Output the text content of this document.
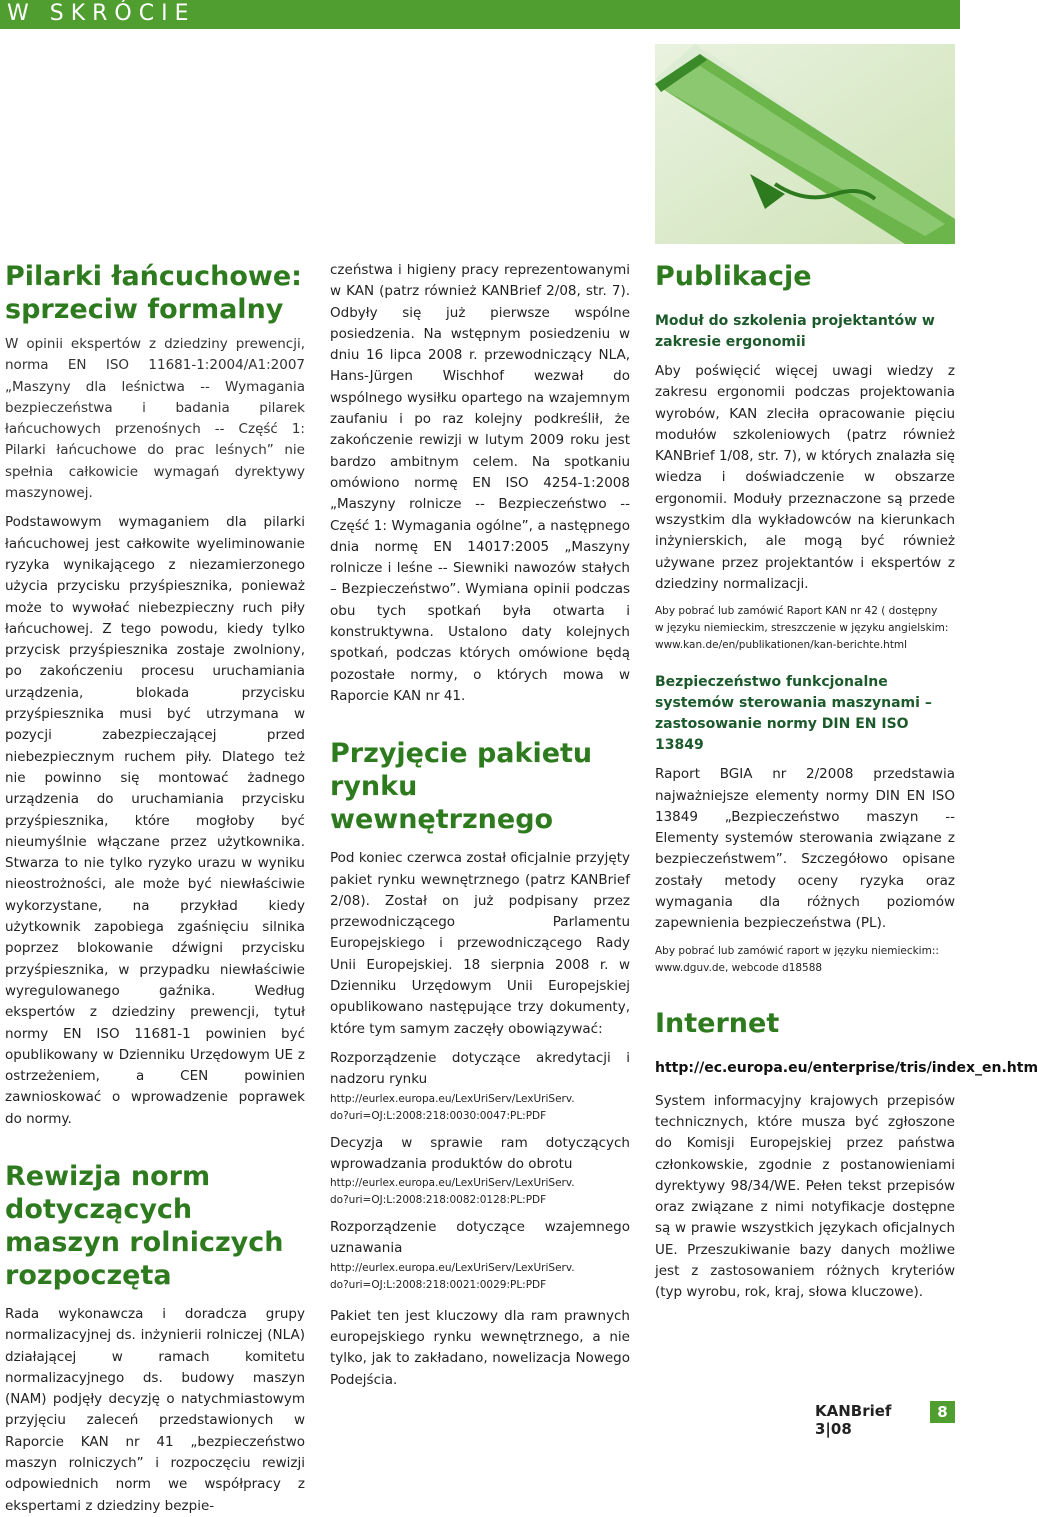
W SKRÓCIE
Pilarki łańcuchowe: sprzeciw formalny

W opinii ekspertów z dziedziny prewencji, norma EN ISO 11681-1:2004/A1:2007 „Maszyny dla leśnictwa -- Wymagania bezpieczeństwa i badania pilarek łańcuchowych przenośnych -- Część 1: Pilarki łańcuchowe do prac leśnych” nie spełnia całkowicie wymagań dyrektywy maszynowej.

Podstawowym wymaganiem dla pilarki łańcuchowej jest całkowite wyeliminowanie ryzyka wynikającego z niezamierzonego użycia przycisku przyśpiesznika, ponieważ może to wywołać niebezpieczny ruch piły łańcuchowej. Z tego powodu, kiedy tylko przycisk przyśpiesznika zostaje zwolniony, po zakończeniu procesu uruchamiania urządzenia, blokada przycisku przyśpiesznika musi być utrzymana w pozycji zabezpieczającej przed niebezpiecznym ruchem piły. Dlatego też nie powinno się montować żadnego urządzenia do uruchamiania przycisku przyśpiesznika, które mogłoby być nieumyślnie włączane przez użytkownika. Stwarza to nie tylko ryzyko urazu w wyniku nieostrożności, ale może być niewłaściwie wykorzystane, na przykład kiedy użytkownik zapobiega zgaśnięciu silnika poprzez blokowanie dźwigni przycisku przyśpiesznika, w przypadku niewłaściwie wyregulowanego gaźnika. Według ekspertów z dziedziny prewencji, tytuł normy EN ISO 11681-1 powinien być opublikowany w Dzienniku Urzędowym UE z ostrzeżeniem, a CEN powinien zawnioskować o wprowadzenie poprawek do normy.

Rewizja norm dotyczących maszyn rolniczych rozpoczęta

Rada wykonawcza i doradcza grupy normalizacyjnej ds. inżynierii rolniczej (NLA) działającej w ramach komitetu normalizacyjnego ds. budowy maszyn (NAM) podjęły decyzję o natychmiastowym przyjęciu zaleceń przedstawionych w Raporcie KAN nr 41 „bezpieczeństwo maszyn rolniczych” i rozpoczęciu rewizji odpowiednich norm we współpracy z ekspertami z dziedziny bezpie-

czeństwa i higieny pracy reprezentowanymi w KAN (patrz również KANBrief 2/08, str. 7). Odbyły się już pierwsze wspólne posiedzenia. Na wstępnym posiedzeniu w dniu 16 lipca 2008 r. przewodniczący NLA, Hans-Jürgen Wischhof wezwał do wspólnego wysiłku opartego na wzajemnym zaufaniu i po raz kolejny podkreślił, że zakończenie rewizji w lutym 2009 roku jest bardzo ambitnym celem. Na spotkaniu omówiono normę EN ISO 4254-1:2008 „Maszyny rolnicze -- Bezpieczeństwo -- Część 1: Wymagania ogólne”, a następnego dnia normę EN 14017:2005 „Maszyny rolnicze i leśne -- Siewniki nawozów stałych – Bezpieczeństwo”. Wymiana opinii podczas obu tych spotkań była otwarta i konstruktywna. Ustalono daty kolejnych spotkań, podczas których omówione będą pozostałe normy, o których mowa w Raporcie KAN nr 41.

Przyjęcie pakietu rynku wewnętrznego

Pod koniec czerwca został oficjalnie przyjęty pakiet rynku wewnętrznego (patrz KANBrief 2/08). Został on już podpisany przez przewodniczącego Parlamentu Europejskiego i przewodniczącego Rady Unii Europejskiej. 18 sierpnia 2008 r. w Dzienniku Urzędowym Unii Europejskiej opublikowano następujące trzy dokumenty, które tym samym zaczęły obowiązywać:

Rozporządzenie dotyczące akredytacji i nadzoru rynku

http://eurlex.europa.eu/LexUriServ/LexUriServ.
do?uri=OJ:L:2008:218:0030:0047:PL:PDF

Decyzja w sprawie ram dotyczących wprowadzania produktów do obrotu

http://eurlex.europa.eu/LexUriServ/LexUriServ.
do?uri=OJ:L:2008:218:0082:0128:PL:PDF

Rozporządzenie dotyczące wzajemnego uznawania

http://eurlex.europa.eu/LexUriServ/LexUriServ.
do?uri=OJ:L:2008:218:0021:0029:PL:PDF

Pakiet ten jest kluczowy dla ram prawnych europejskiego rynku wewnętrznego, a nie tylko, jak to zakładano, nowelizacja Nowego Podejścia.

Publikacje
Moduł do szkolenia projektantów w zakresie ergonomii

Aby poświęcić więcej uwagi wiedzy z zakresu ergonomii podczas projektowania wyrobów, KAN zleciła opracowanie pięciu modułów szkoleniowych (patrz również KANBrief 1/08, str. 7), w których znalazła się wiedza i doświadczenie w obszarze ergonomii. Moduły przeznaczone są przede wszystkim dla wykładowców na kierunkach inżynierskich, ale mogą być również używane przez projektantów i ekspertów z dziedziny normalizacji.

Aby pobrać lub zamówić Raport KAN nr 42 ( dostępny
w języku niemieckim, streszczenie w języku angielskim:
www.kan.de/en/publikationen/kan-berichte.html
Bezpieczeństwo funkcjonalne systemów sterowania maszynami – zastosowanie normy DIN EN ISO 13849

Raport BGIA nr 2/2008 przedstawia najważniejsze elementy normy DIN EN ISO 13849 „Bezpieczeństwo maszyn -- Elementy systemów sterowania związane z bezpieczeństwem”. Szczegółowo opisane zostały metody oceny ryzyka oraz wymagania dla różnych poziomów zapewnienia bezpieczeństwa (PL).

Aby pobrać lub zamówić raport w języku niemieckim::
www.dguv.de, webcode d18588
Internet

http://ec.europa.eu/enterprise/tris/index_en.htm

System informacyjny krajowych przepisów technicznych, które musza być zgłoszone do Komisji Europejskiej przez państwa członkowskie, zgodnie z postanowieniami dyrektywy 98/34/WE. Pełen tekst przepisów oraz związane z nimi notyfikacje dostępne są w prawie wszystkich językach oficjalnych UE. Przeszukiwanie bazy danych możliwe jest z zastosowaniem różnych kryteriów (typ wyrobu, rok, kraj, słowa kluczowe).

KANBrief 3|08
8
